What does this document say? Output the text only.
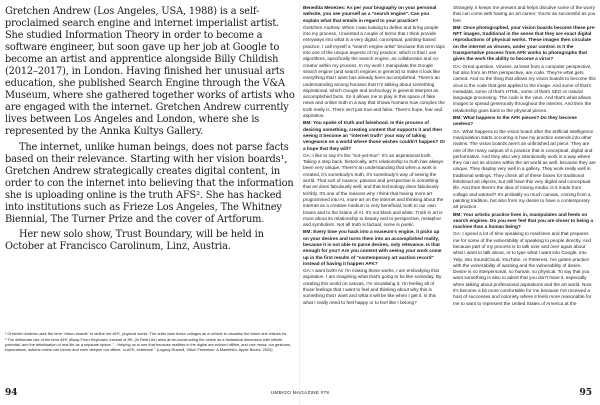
Gretchen Andrew (Los Angeles, USA, 1988) is a self-proclaimed search engine and internet imperialist artist. She studied Information Theory in order to become a software engineer, but soon gave up her job at Google to become an artist and apprentice alongside Billy Childish (2012–2017), in London. Having finished her unusual arts education, she published Search Engine through the V&A Museum, where she gathered together works of artists who are engaged with the internet. Gretchen Andrew currently lives between Los Angeles and London, where she is represented by the Annka Kultys Gallery.

The internet, unlike human beings, does not parse facts based on their relevance. Starting with her vision boards¹, Gretchen Andrew strategically creates digital content, in order to con the internet into believing that the information she is uploading online is the truth AFS². She has hacked into institutions such as Frieze Los Angeles, The Whitney Biennial, The Turner Prize and the cover of Artforum.

Her new solo show, Trust Boundary, will be held in October at Francisco Carolinum, Linz, Austria.

¹ Gretchen Andrew uses the term "vision boards" to define her AFK, physical works. The artist uses these collages as a vehicle to visualise the future she wishes for.

² The deliberate use of the term AFK (Away From Keyboard, instead of IRL (In Real Life) aims at de-constructing the online as a fantastical dimension with infinite potential, and the fetishisation of real life as a separate space. "...Helping us to see that because realities in the digital are echoed offline, and vice versa, our gestures, explorations, actions online can inform and even deepen our offline, or AFK, existence." (Legacy Russell, Glitch Feminism: A Manifesto, Apple Books: 2020)

Benedita Menezes: As per your biography on your personal website, you see yourself as a "search engine". Can you explain what that entails in regard to your practice?

Gretchen Andrew: When I was looking to define and bring people into my process, I invented a couple of terms that I think provide entryways into what is a very digital, conceptual, painting-based practice. I call myself a "search engine artist" because this term taps into one of the unique aspects of my practice, which is that I use algorithms, specifically the search engine, as collaborator and co-creator within my process. In my work I manipulate the Google search engine (and search engines in general) to make it look like everything that I want has already been accomplished. There's an understanding among humans that I'm talking about something aspirational, which Google and technology in general interpret as accomplished facts. So it allows me to play in this space of fake news and online truth in a way that shows humans how complex the truth really is. There isn't just true and false. There's hope, fear and aspiration.

BM: You spoke of truth and falsehood. Is this process of desiring something, creating content that supports it and then seeing it become an "internet truth" your way of taking vengeance on a world where those wishes couldn't happen? Or a hope that they will?

GA: I like to say it's the "not-yet-true". It's an aspirational truth. Taking a step back, historically, art's relationship to truth has always been very unique. There's an understanding that when a work is created, it's somebody's truth, it's somebody's way of seeing the world. That sort of nuance, passion and perspective is something that art does fabulously well, and that technology does fabulously terribly. It's one of the reasons why I think that having more art programmed into AI, more art on the internet and thinking about the internet as a creative medium is very beneficial, both to our own brains and to the brains of AI. It's not black and white. Truth in art is more about its relationship to beauty and to perspective, metaphor and symbolism. Not all truth is factual, some is poetic.

BM: Every time you hack into a museum's engine, it picks up on your desires and turns them into an accomplished reality, because it is not able to parse desires, only relevance. Is that enough for you? Are you content with seeing your work come up in the first results of "contemporary art auction record" instead of having it happen AFK?

GA: I want both! As I'm making these works, I am embodying that aspiration. I am imagining what that's going to be like someday. By creating this world on canvas, I'm visualising it. I'm feeling all of those feelings that I want to feel and thinking about why this is something that I want and what it will be like when I get it. Is this what I really need to feel happy or to feel like I belong?

Strangely, it keeps me present and helps dissolve some of the worry that can come with having an art career. You're as successful as you feel.

BM: Once photographed, your vision boards become these pre-NFT images, traditional in the sense that they are exact digital reproductions of physical works. These images then circulate on the internet as viruses, under your control. Is it the transportative process from AFK works to photographs that gives the work the ability to become a virus?

GA: Great question. Viruses, at least from a computer perspective, but also from an RNA perspective, are code. They're what gets carried. And so the thing that allows my vision boards to become this virus is the code that gets applied to the image. And some of that's metadata, some of that's HTML, some of that's SEO or natural language processing. The code is the virus. And that's what allows images to spread generously throughout the internet. And then the relationship goes back to the physical pieces.

BM: What happens to the AFK pieces? Do they become useless?

GA: What happens to the vision board after the artificial intelligence manipulation starts occurring is how my practice extends into other realms. The vision boards aren't an unfinished art piece. They are one of the many outputs of a practice that is conceptual, digital and performative. And they also very intentionally work in a way where they can act as viruses within the art world as well, because they are unique. They display very well in a gallery. They work really well in traditional settings. They check all of these boxes for traditional fetishised art objects, but still have this very digital and conceptual life. And then there's the idea of mixing media: is it made from collage and wanted? It's probably so much canvas, coming from a painting tradition, but also from my desire to have a contemporary art practice.

BM: Your artistic practice lives in, manipulates and feeds on search engines. Do you ever feel that you are closer to being a machine than a human being?

GA: I spend a lot of time speaking to machines and that prepares me for some of the vulnerability of speaking to people directly. And because part of my process is to talk over and over again about what I want to talk about, or to type what I want into Google, into Yelp, into SoundCloud, YouTube, or Pinterest, I've gotten practice with the vulnerability of wanting and the vulnerability of desire. Desire is so interpersonal, so human, so physical. To say that you want something is also to admit that you don't have it, especially when talking about professional aspirations and the art world. Now it's become a bit more comfortable for me because I've received a host of successes and notoriety where it feels more reasonable for me to want to represent the United States of America at the

94	UMBIGO MAGAZINE #78	95
